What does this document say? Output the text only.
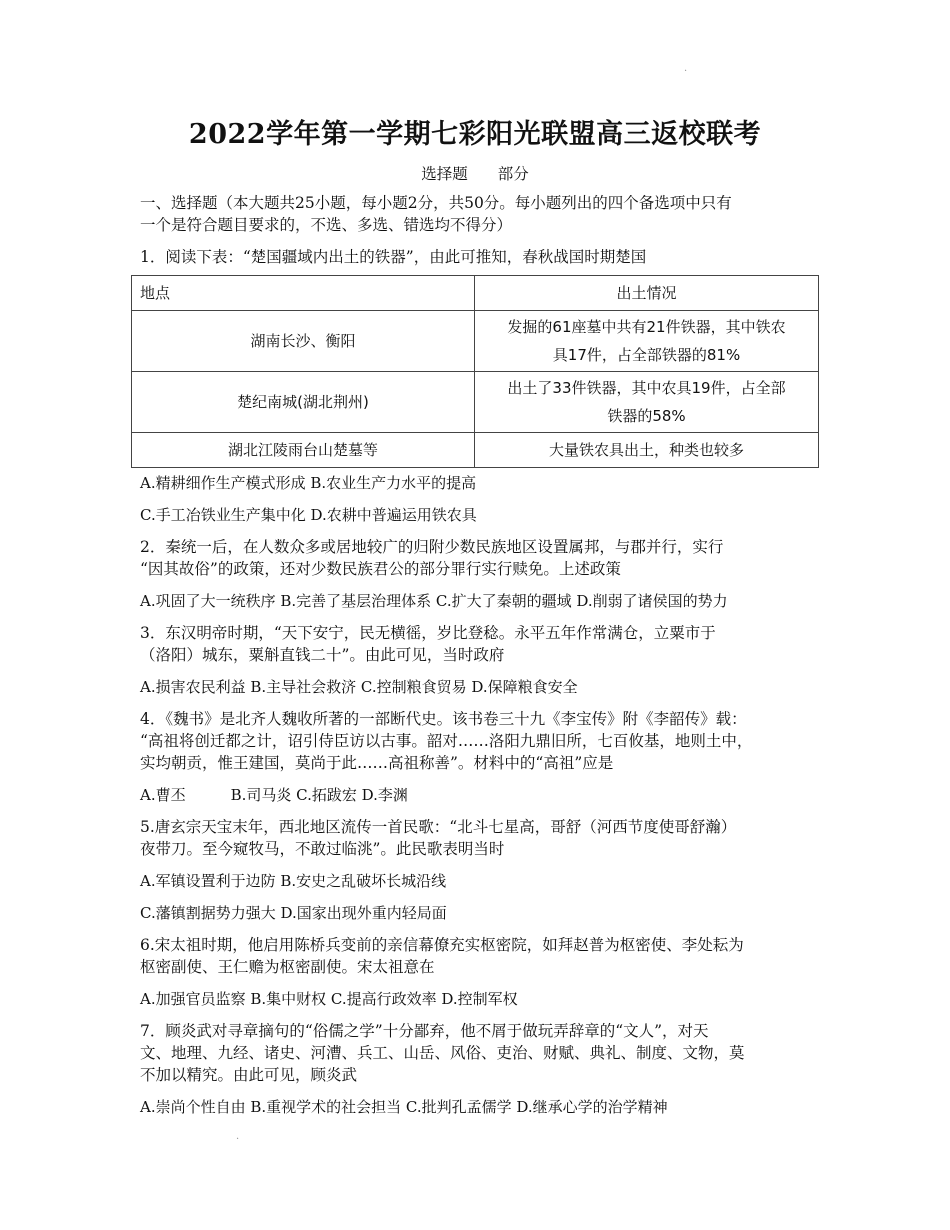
·
·
2022学年第一学期七彩阳光联盟高三返校联考
选择题 部分
一、选择题（本大题共25小题，每小题2分，共50分。每小题列出的四个备选项中只有
一个是符合题目要求的，不选、多选、错选均不得分）
1．阅读下表：“楚国疆域内出土的铁器”，由此可推知，春秋战国时期楚国
地点	出土情况
湖南长沙、衡阳	发掘的61座墓中共有21件铁器，其中铁农
具17件，占全部铁器的81%

楚纪南城(湖北荆州)	出土了33件铁器，其中农具19件，占全部
铁器的58%

湖北江陵雨台山楚墓等	大量铁农具出土，种类也较多
A.精耕细作生产模式形成 B.农业生产力水平的提高
C.手工冶铁业生产集中化 D.农耕中普遍运用铁农具
2．秦统一后，在人数众多或居地较广的归附少数民族地区设置属邦，与郡并行，实行
“因其故俗”的政策，还对少数民族君公的部分罪行实行赎免。上述政策
A.巩固了大一统秩序 B.完善了基层治理体系 C.扩大了秦朝的疆域 D.削弱了诸侯国的势力
3．东汉明帝时期，“天下安宁，民无横徭，岁比登稔。永平五年作常满仓，立粟市于
（洛阳）城东，粟斛直钱二十”。由此可见，当时政府
A.损害农民利益 B.主导社会救济 C.控制粮食贸易 D.保障粮食安全
4．《魏书》是北齐人魏收所著的一部断代史。该书卷三十九《李宝传》附《李韶传》载：
“高祖将创迁都之计，诏引侍臣访以古事。韶对……洛阳九鼎旧所，七百攸基，地则土中，
实均朝贡，惟王建国，莫尚于此……高祖称善”。材料中的“高祖”应是
A.曹丕　　　B.司马炎 C.拓跋宏 D.李渊
5.唐玄宗天宝末年，西北地区流传一首民歌：“北斗七星高，哥舒（河西节度使哥舒瀚）
夜带刀。至今窥牧马，不敢过临洮”。此民歌表明当时
A.军镇设置利于边防 B.安史之乱破坏长城沿线
C.藩镇割据势力强大 D.国家出现外重内轻局面
6.宋太祖时期，他启用陈桥兵变前的亲信幕僚充实枢密院，如拜赵普为枢密使、李处耘为
枢密副使、王仁赡为枢密副使。宋太祖意在
A.加强官员监察 B.集中财权 C.提高行政效率 D.控制军权
7．顾炎武对寻章摘句的“俗儒之学”十分鄙弃，他不屑于做玩弄辞章的“文人”，对天
文、地理、九经、诸史、河漕、兵工、山岳、风俗、吏治、财赋、典礼、制度、文物，莫
不加以精究。由此可见，顾炎武
A.崇尚个性自由 B.重视学术的社会担当 C.批判孔孟儒学 D.继承心学的治学精神
